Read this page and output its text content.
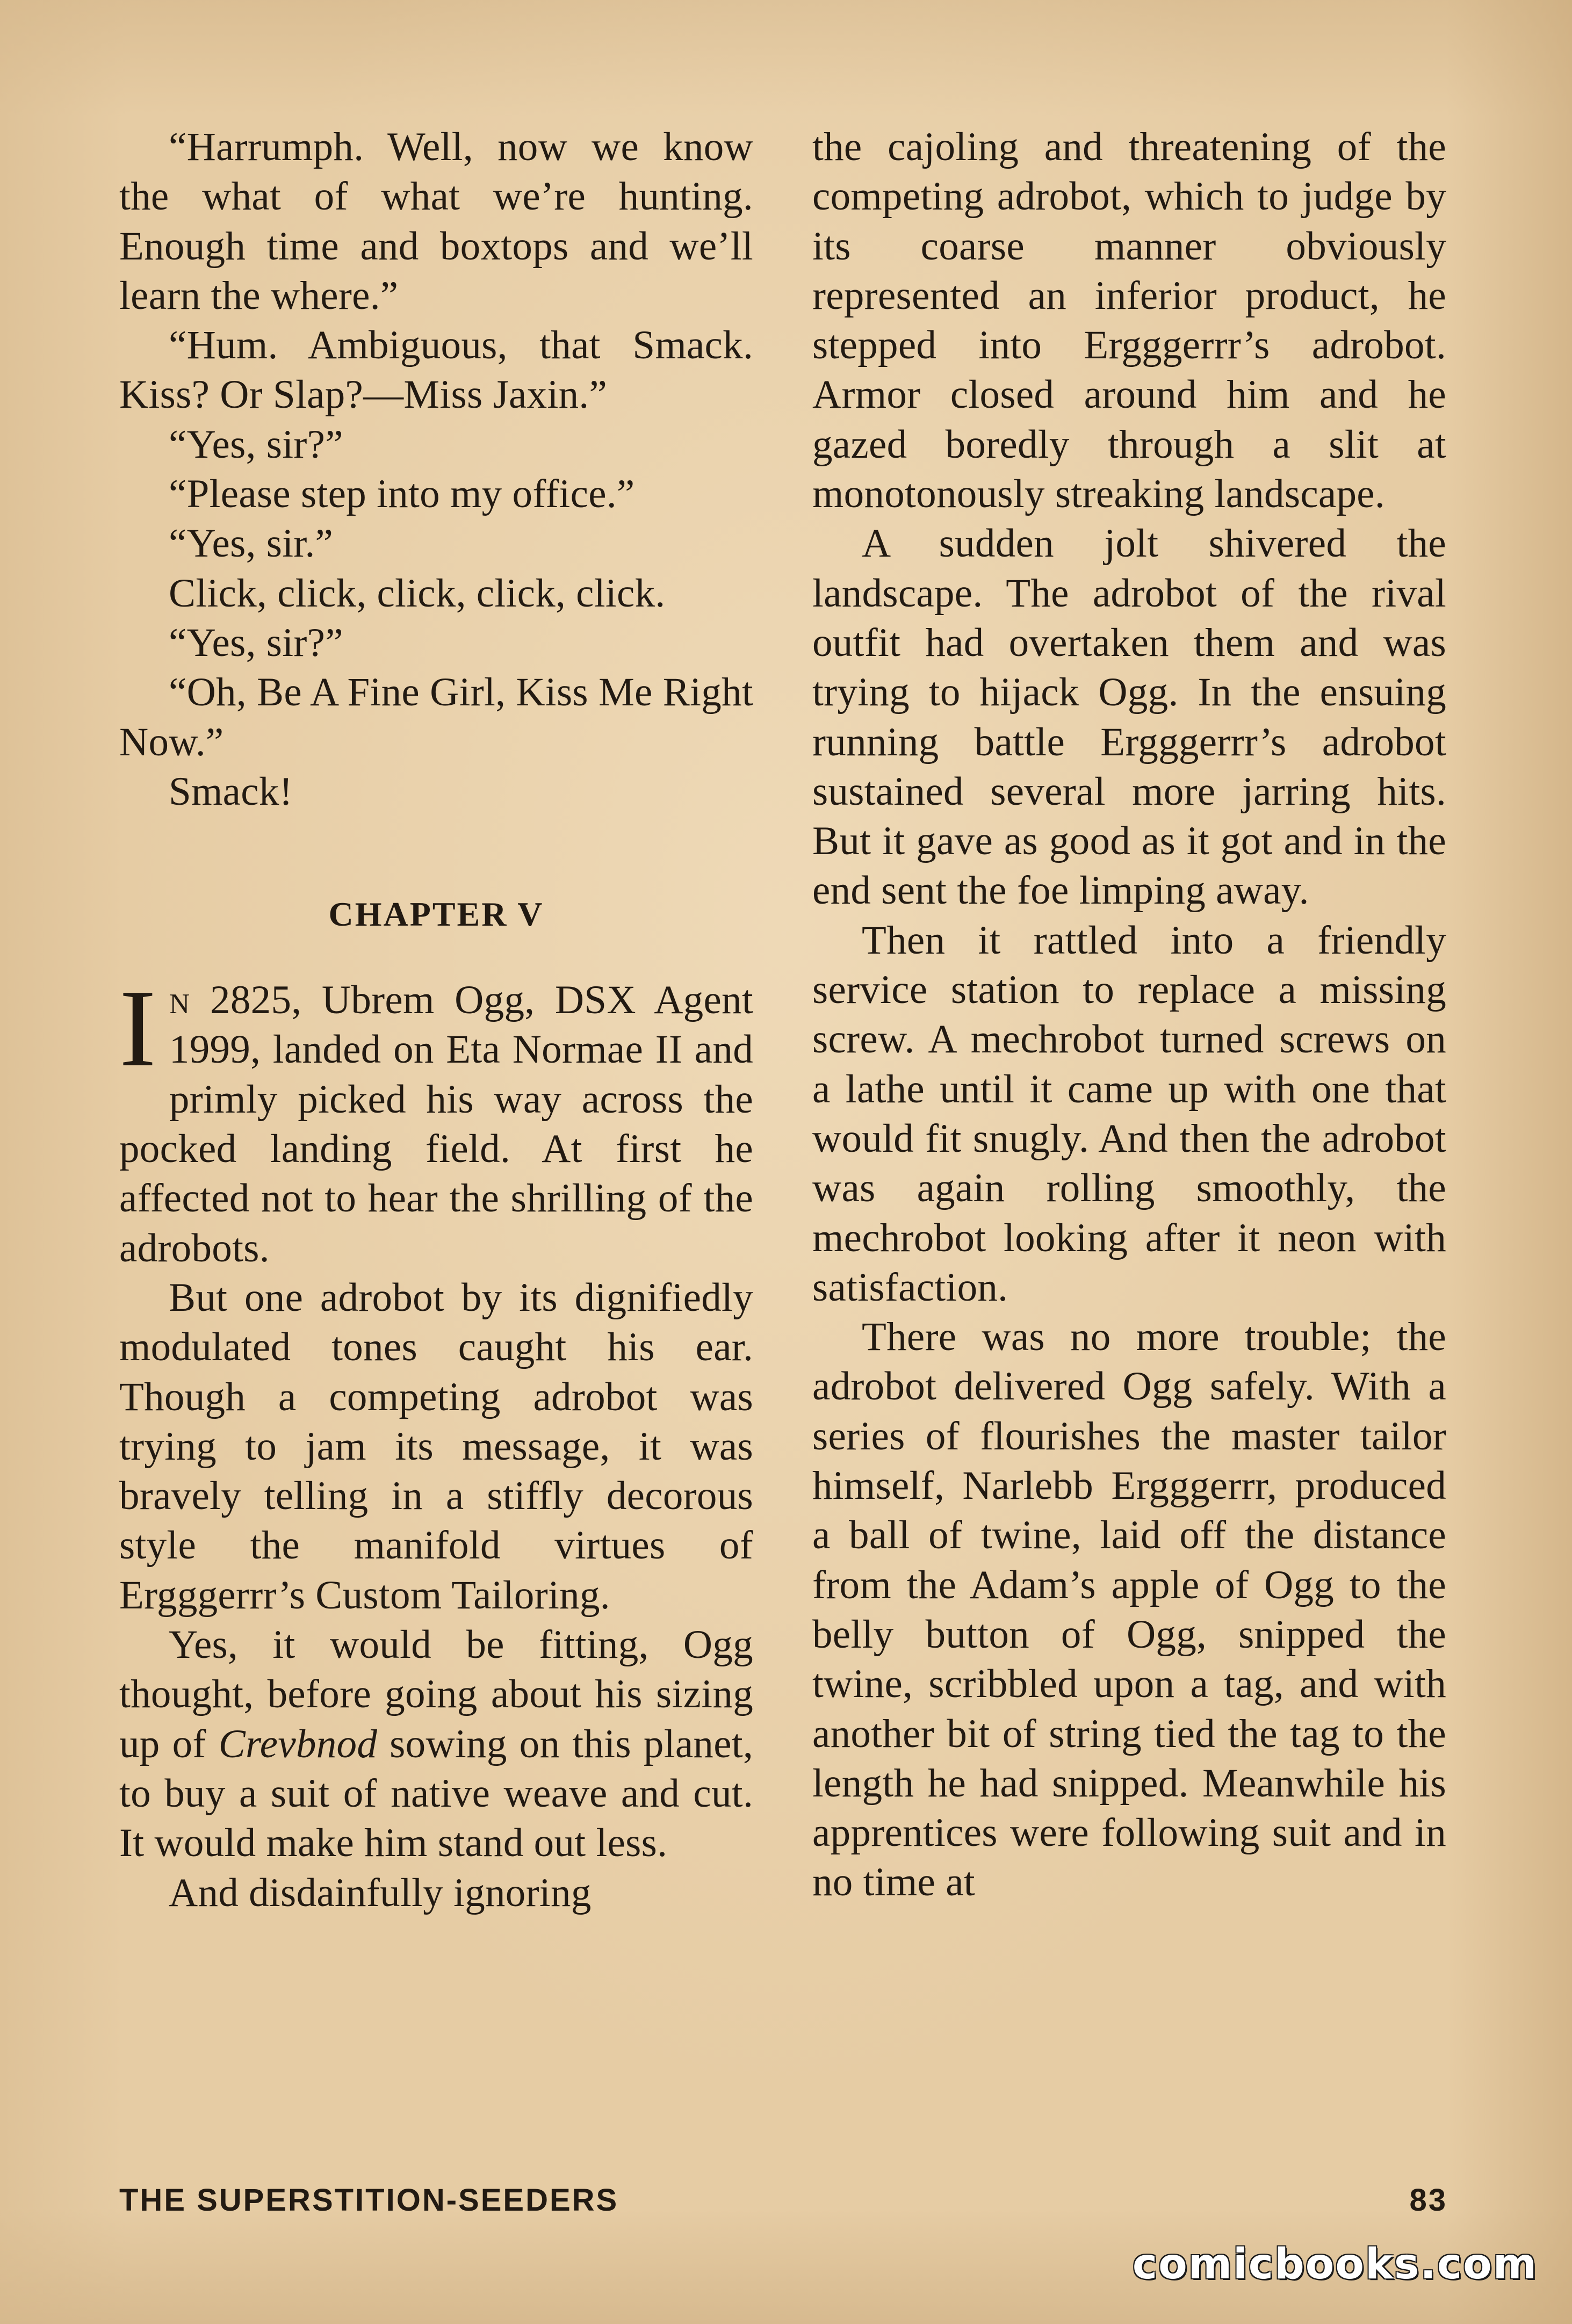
“Harrumph. Well, now we know the what of what we’re hunting. Enough time and boxtops and we’ll learn the where.”

“Hum. Ambiguous, that Smack. Kiss? Or Slap?—Miss Jaxin.”

“Yes, sir?”

“Please step into my office.”

“Yes, sir.”

Click, click, click, click, click.

“Yes, sir?”

“Oh, Be A Fine Girl, Kiss Me Right Now.”

Smack!

CHAPTER V

In 2825, Ubrem Ogg, DSX Agent 1999, landed on Eta Normae II and primly picked his way across the pocked landing field. At first he affected not to hear the shrilling of the adrobots.

But one adrobot by its dignifiedly modulated tones caught his ear. Though a competing adrobot was trying to jam its message, it was bravely telling in a stiffly decorous style the manifold virtues of Ergggerrr’s Custom Tailoring.

Yes, it would be fitting, Ogg thought, before going about his sizing up of Crevbnod sowing on this planet, to buy a suit of native weave and cut. It would make him stand out less.

And disdainfully ignoring

the cajoling and threatening of the competing adrobot, which to judge by its coarse manner obviously represented an inferior product, he stepped into Ergggerrr’s adrobot. Armor closed around him and he gazed boredly through a slit at monotonously streaking landscape.

A sudden jolt shivered the landscape. The adrobot of the rival outfit had overtaken them and was trying to hijack Ogg. In the ensuing running battle Ergggerrr’s adrobot sustained several more jarring hits. But it gave as good as it got and in the end sent the foe limping away.

Then it rattled into a friendly service station to replace a missing screw. A mechrobot turned screws on a lathe until it came up with one that would fit snugly. And then the adrobot was again rolling smoothly, the mechrobot looking after it neon with satisfaction.

There was no more trouble; the adrobot delivered Ogg safely. With a series of flourishes the master tailor himself, Narlebb Ergggerrr, produced a ball of twine, laid off the distance from the Adam’s apple of Ogg to the belly button of Ogg, snipped the twine, scribbled upon a tag, and with another bit of string tied the tag to the length he had snipped. Meanwhile his apprentices were following suit and in no time at

THE SUPERSTITION-SEEDERS	83
comicbooks.com
